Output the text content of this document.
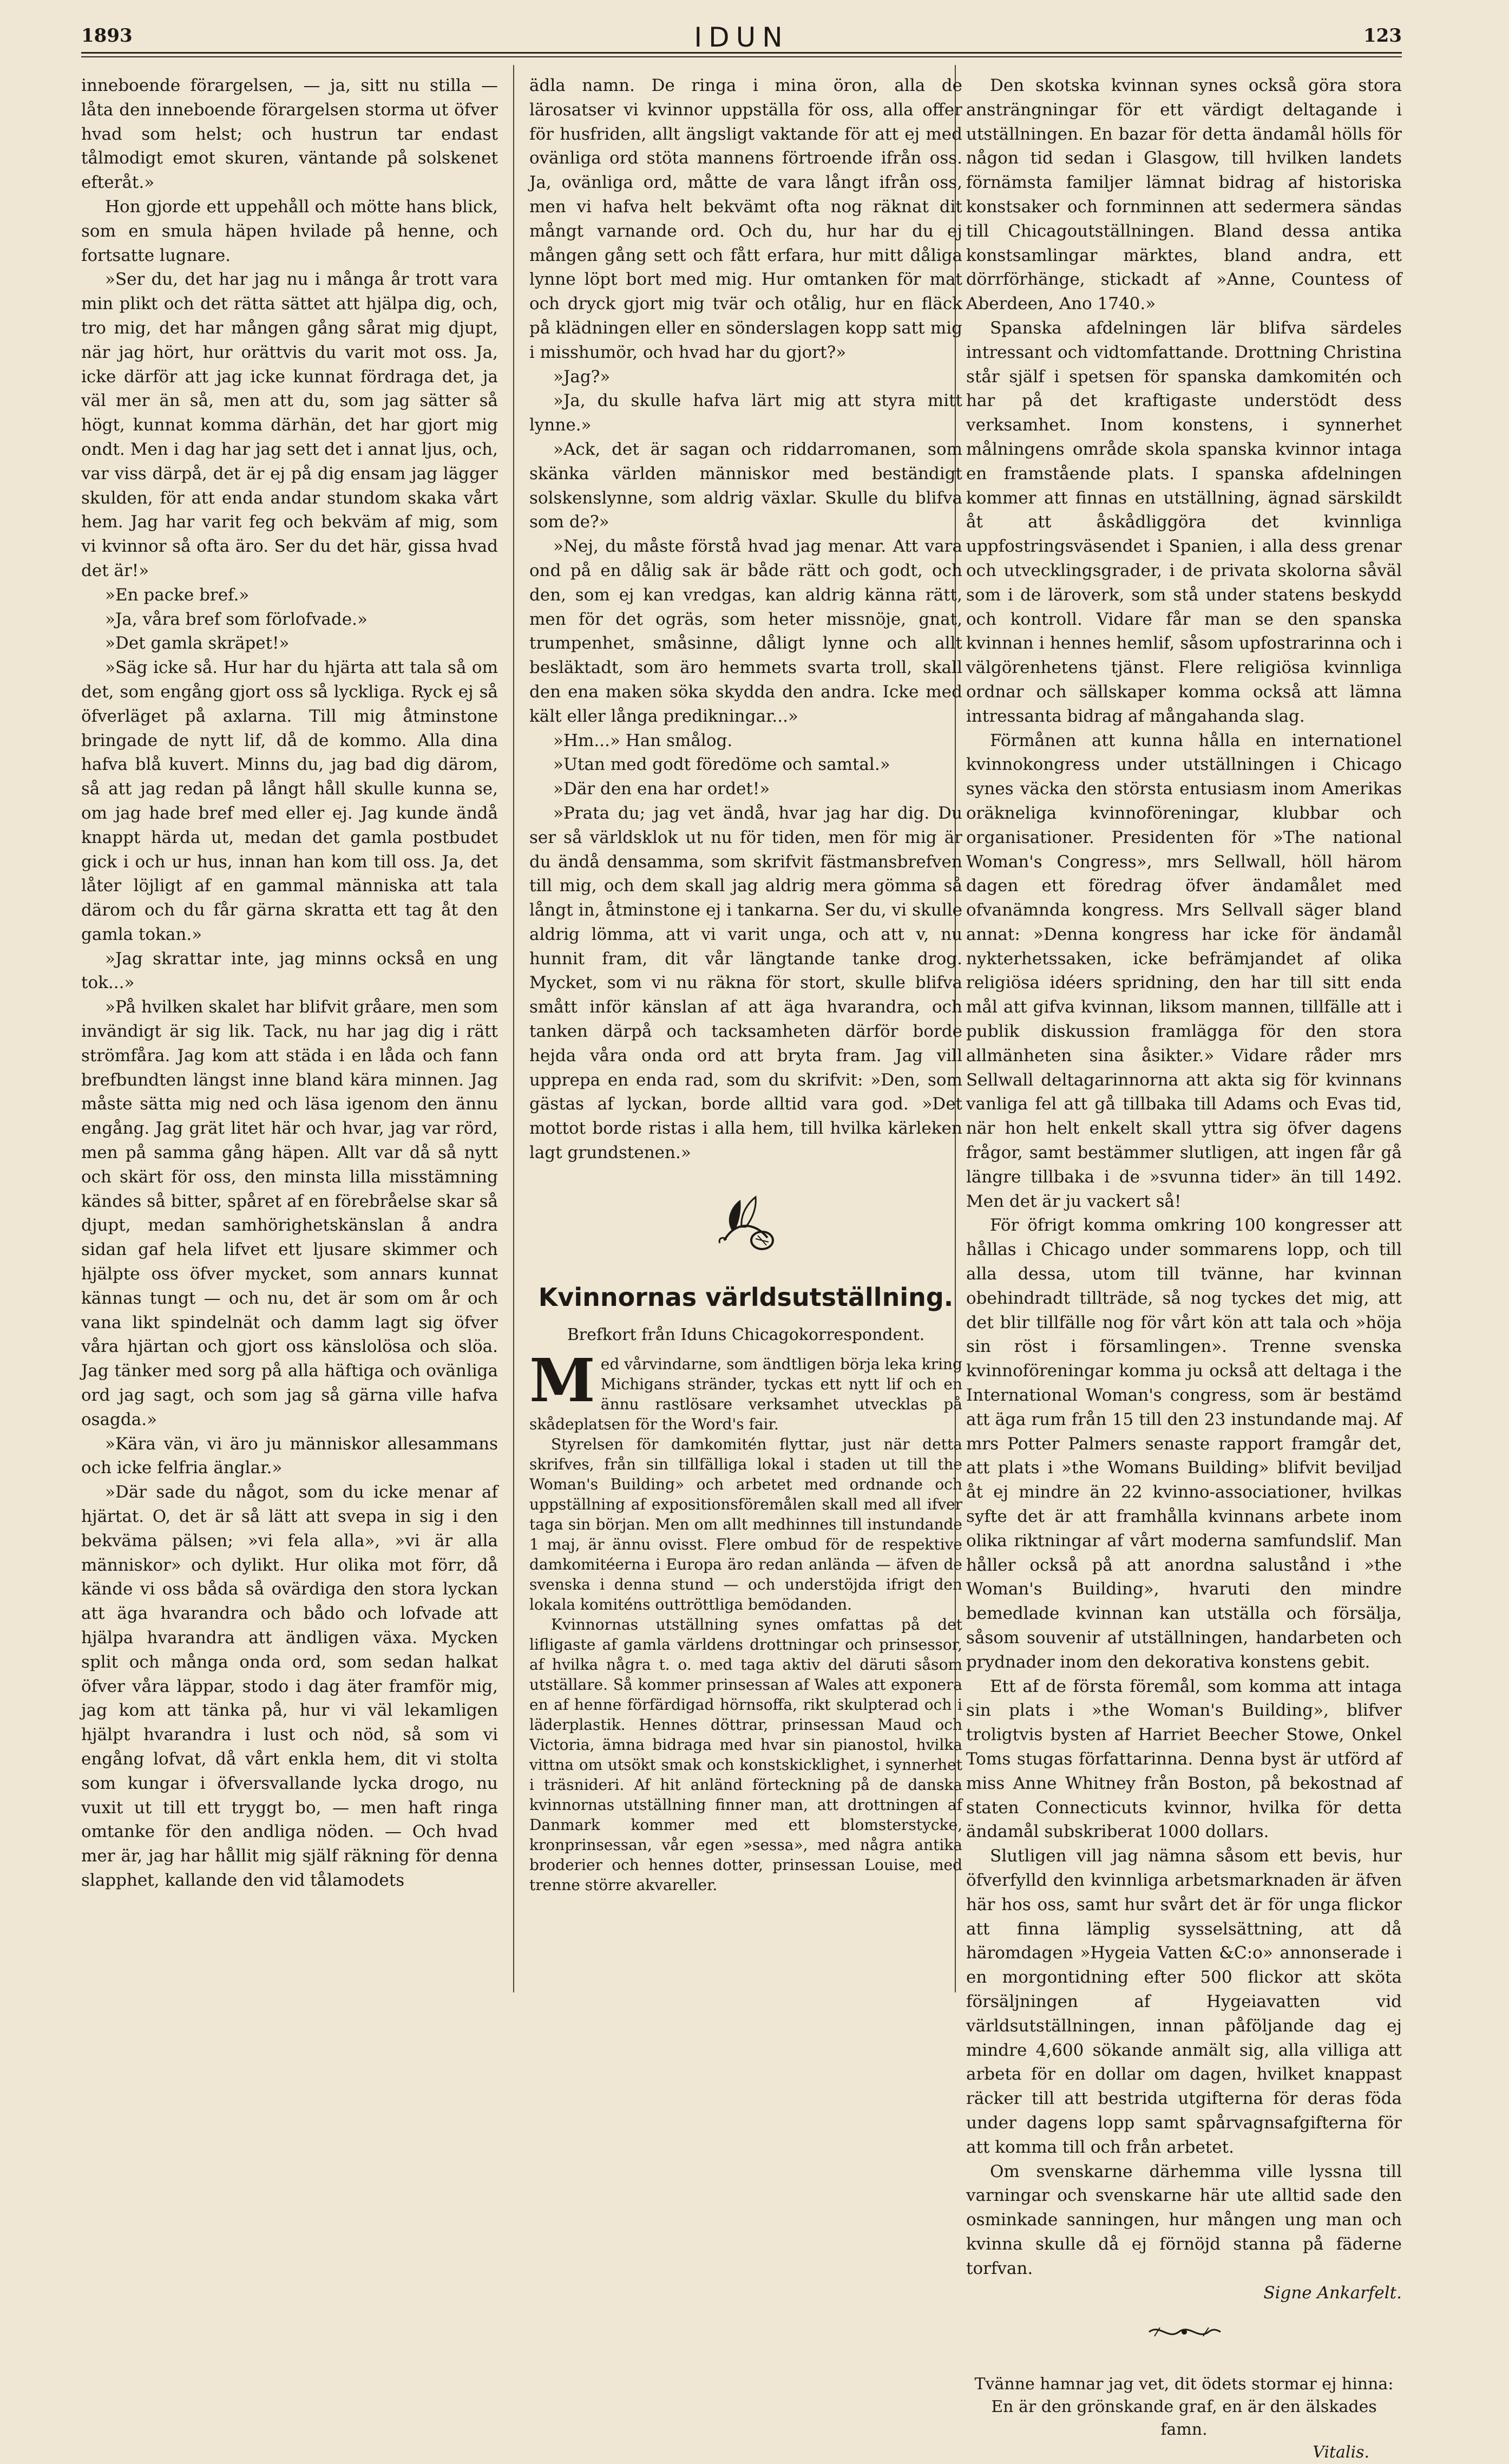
1893	IDUN	123

inneboende förargelsen, — ja, sitt nu stilla — låta den inneboende förargelsen storma ut öfver hvad som helst; och hustrun tar endast tålmodigt emot skuren, väntande på solskenet efteråt.»

Hon gjorde ett uppehåll och mötte hans blick, som en smula häpen hvilade på henne, och fortsatte lugnare.

»Ser du, det har jag nu i många år trott vara min plikt och det rätta sättet att hjälpa dig, och, tro mig, det har mången gång sårat mig djupt, när jag hört, hur orättvis du varit mot oss. Ja, icke därför att jag icke kunnat fördraga det, ja väl mer än så, men att du, som jag sätter så högt, kunnat komma därhän, det har gjort mig ondt. Men i dag har jag sett det i annat ljus, och, var viss därpå, det är ej på dig ensam jag lägger skulden, för att enda andar stundom skaka vårt hem. Jag har varit feg och bekväm af mig, som vi kvinnor så ofta äro. Ser du det här, gissa hvad det är!»

»En packe bref.»

»Ja, våra bref som förlofvade.»

»Det gamla skräpet!»

»Säg icke så. Hur har du hjärta att tala så om det, som engång gjort oss så lyckliga. Ryck ej så öfverläget på axlarna. Till mig åtminstone bringade de nytt lif, då de kommo. Alla dina hafva blå kuvert. Minns du, jag bad dig därom, så att jag redan på långt håll skulle kunna se, om jag hade bref med eller ej. Jag kunde ändå knappt härda ut, medan det gamla postbudet gick i och ur hus, innan han kom till oss. Ja, det låter löjligt af en gammal människa att tala därom och du får gärna skratta ett tag åt den gamla tokan.»

»Jag skrattar inte, jag minns också en ung tok...»

»På hvilken skalet har blifvit gråare, men som invändigt är sig lik. Tack, nu har jag dig i rätt strömfåra. Jag kom att städa i en låda och fann brefbundten längst inne bland kära minnen. Jag måste sätta mig ned och läsa igenom den ännu engång. Jag grät litet här och hvar, jag var rörd, men på samma gång häpen. Allt var då så nytt och skärt för oss, den minsta lilla misstämning kändes så bitter, spåret af en förebråelse skar så djupt, medan samhörighetskänslan å andra sidan gaf hela lifvet ett ljusare skimmer och hjälpte oss öfver mycket, som annars kunnat kännas tungt — och nu, det är som om år och vana likt spindelnät och damm lagt sig öfver våra hjärtan och gjort oss känslolösa och slöa. Jag tänker med sorg på alla häftiga och ovänliga ord jag sagt, och som jag så gärna ville hafva osagda.»

»Kära vän, vi äro ju människor allesammans och icke felfria änglar.»

»Där sade du något, som du icke menar af hjärtat. O, det är så lätt att svepa in sig i den bekväma pälsen; »vi fela alla», »vi är alla människor» och dylikt. Hur olika mot förr, då kände vi oss båda så ovärdiga den stora lyckan att äga hvarandra och bådo och lofvade att hjälpa hvarandra att ändligen växa. Mycken split och många onda ord, som sedan halkat öfver våra läppar, stodo i dag äter framför mig, jag kom att tänka på, hur vi väl lekamligen hjälpt hvarandra i lust och nöd, så som vi engång lofvat, då vårt enkla hem, dit vi stolta som kungar i öfversvallande lycka drogo, nu vuxit ut till ett tryggt bo, — men haft ringa omtanke för den andliga nöden. — Och hvad mer är, jag har hållit mig själf räkning för denna slapphet, kallande den vid tålamodets

ädla namn. De ringa i mina öron, alla de lärosatser vi kvinnor uppställa för oss, alla offer för husfriden, allt ängsligt vaktande för att ej med ovänliga ord stöta mannens förtroende ifrån oss. Ja, ovänliga ord, måtte de vara långt ifrån oss, men vi hafva helt bekvämt ofta nog räknat dit mångt varnande ord. Och du, hur har du ej mången gång sett och fått erfara, hur mitt dåliga lynne löpt bort med mig. Hur omtanken för mat och dryck gjort mig tvär och otålig, hur en fläck på klädningen eller en sönderslagen kopp satt mig i misshumör, och hvad har du gjort?»

»Jag?»

»Ja, du skulle hafva lärt mig att styra mitt lynne.»

»Ack, det är sagan och riddarromanen, som skänka världen människor med beständigt solskenslynne, som aldrig växlar. Skulle du blifva som de?»

»Nej, du måste förstå hvad jag menar. Att vara ond på en dålig sak är både rätt och godt, och den, som ej kan vredgas, kan aldrig känna rätt, men för det ogräs, som heter missnöje, gnat, trumpenhet, småsinne, dåligt lynne och allt besläktadt, som äro hemmets svarta troll, skall den ena maken söka skydda den andra. Icke med kält eller långa predikningar...»

»Hm...» Han smålog.

»Utan med godt föredöme och samtal.»

»Där den ena har ordet!»

»Prata du; jag vet ändå, hvar jag har dig. Du ser så världsklok ut nu för tiden, men för mig är du ändå densamma, som skrifvit fästmansbrefven till mig, och dem skall jag aldrig mera gömma så långt in, åtminstone ej i tankarna. Ser du, vi skulle aldrig lömma, att vi varit unga, och att v, nu hunnit fram, dit vår längtande tanke drog. Mycket, som vi nu räkna för stort, skulle blifva smått inför känslan af att äga hvarandra, och tanken därpå och tacksamheten därför borde hejda våra onda ord att bryta fram. Jag vill upprepa en enda rad, som du skrifvit: »Den, som gästas af lyckan, borde alltid vara god. »Det mottot borde ristas i alla hem, till hvilka kärleken lagt grundstenen.»

Kvinnornas världsutställning.
Brefkort från Iduns Chicagokorrespondent.

Med vårvindarne, som ändtligen börja leka kring Michigans stränder, tyckas ett nytt lif och en ännu rastlösare verksamhet utvecklas på skådeplatsen för the Word's fair.

Styrelsen för damkomitén flyttar, just när detta skrifves, från sin tillfälliga lokal i staden ut till the Woman's Building» och arbetet med ordnande och uppställning af expositionsföremålen skall med all ifver taga sin början. Men om allt medhinnes till instundande 1 maj, är ännu ovisst. Flere ombud för de respektive damkomitéerna i Europa äro redan anlända — äfven de svenska i denna stund — och understöjda ifrigt den lokala komiténs outtröttliga bemödanden.

Kvinnornas utställning synes omfattas på det lifligaste af gamla världens drottningar och prinsessor, af hvilka några t. o. med taga aktiv del däruti såsom utställare. Så kommer prinsessan af Wales att exponera en af henne förfärdigad hörnsoffa, rikt skulpterad och i läderplastik. Hennes döttrar, prinsessan Maud och Victoria, ämna bidraga med hvar sin pianostol, hvilka vittna om utsökt smak och konstskicklighet, i synnerhet i träsnideri. Af hit anländ förteckning på de danska kvinnornas utställning finner man, att drottningen af Danmark kommer med ett blomsterstycke, kronprinsessan, vår egen »sessa», med några antika broderier och hennes dotter, prinsessan Louise, med trenne större akvareller.

Den skotska kvinnan synes också göra stora ansträngningar för ett värdigt deltagande i utställningen. En bazar för detta ändamål hölls för någon tid sedan i Glasgow, till hvilken landets förnämsta familjer lämnat bidrag af historiska konstsaker och fornminnen att sedermera sändas till Chicagoutställningen. Bland dessa antika konstsamlingar märktes, bland andra, ett dörrförhänge, stickadt af »Anne, Countess of Aberdeen, Ano 1740.»

Spanska afdelningen lär blifva särdeles intressant och vidtomfattande. Drottning Christina står själf i spetsen för spanska damkomitén och har på det kraftigaste understödt dess verksamhet. Inom konstens, i synnerhet målningens område skola spanska kvinnor intaga en framstående plats. I spanska afdelningen kommer att finnas en utställning, ägnad särskildt åt att åskådliggöra det kvinnliga uppfostringsväsendet i Spanien, i alla dess grenar och utvecklingsgrader, i de privata skolorna såväl som i de läroverk, som stå under statens beskydd och kontroll. Vidare får man se den spanska kvinnan i hennes hemlif, såsom upfostrarinna och i välgörenhetens tjänst. Flere religiösa kvinnliga ordnar och sällskaper komma också att lämna intressanta bidrag af mångahanda slag.

Förmånen att kunna hålla en internationel kvinnokongress under utställningen i Chicago synes väcka den största entusiasm inom Amerikas oräkneliga kvinnoföreningar, klubbar och organisationer. Presidenten för »The national Woman's Congress», mrs Sellwall, höll härom dagen ett föredrag öfver ändamålet med ofvanämnda kongress. Mrs Sellvall säger bland annat: »Denna kongress har icke för ändamål nykterhetssaken, icke befrämjandet af olika religiösa idéers spridning, den har till sitt enda mål att gifva kvinnan, liksom mannen, tillfälle att i publik diskussion framlägga för den stora allmänheten sina åsikter.» Vidare råder mrs Sellwall deltagarinnorna att akta sig för kvinnans vanliga fel att gå tillbaka till Adams och Evas tid, när hon helt enkelt skall yttra sig öfver dagens frågor, samt bestämmer slutligen, att ingen får gå längre tillbaka i de »svunna tider» än till 1492. Men det är ju vackert så!

För öfrigt komma omkring 100 kongresser att hållas i Chicago under sommarens lopp, och till alla dessa, utom till tvänne, har kvinnan obehindradt tillträde, så nog tyckes det mig, att det blir tillfälle nog för vårt kön att tala och »höja sin röst i församlingen». Trenne svenska kvinnoföreningar komma ju också att deltaga i the International Woman's congress, som är bestämd att äga rum från 15 till den 23 instundande maj. Af mrs Potter Palmers senaste rapport framgår det, att plats i »the Womans Building» blifvit beviljad åt ej mindre än 22 kvinno-associationer, hvilkas syfte det är att framhålla kvinnans arbete inom olika riktningar af vårt moderna samfundslif. Man håller också på att anordna salustånd i »the Woman's Building», hvaruti den mindre bemedlade kvinnan kan utställa och försälja, såsom souvenir af utställningen, handarbeten och prydnader inom den dekorativa konstens gebit.

Ett af de första föremål, som komma att intaga sin plats i »the Woman's Building», blifver troligtvis bysten af Harriet Beecher Stowe, Onkel Toms stugas författarinna. Denna byst är utförd af miss Anne Whitney från Boston, på bekostnad af staten Connecticuts kvinnor, hvilka för detta ändamål subskriberat 1000 dollars.

Slutligen vill jag nämna såsom ett bevis, hur öfverfylld den kvinnliga arbetsmarknaden är äfven här hos oss, samt hur svårt det är för unga flickor att finna lämplig sysselsättning, att då häromdagen »Hygeia Vatten &C:o» annonserade i en morgontidning efter 500 flickor att sköta försäljningen af Hygeiavatten vid världsutställningen, innan påföljande dag ej mindre 4,600 sökande anmält sig, alla villiga att arbeta för en dollar om dagen, hvilket knappast räcker till att bestrida utgifterna för deras föda under dagens lopp samt spårvagnsafgifterna för att komma till och från arbetet.

Om svenskarne därhemma ville lyssna till varningar och svenskarne här ute alltid sade den osminkade sanningen, hur mången ung man och kvinna skulle då ej förnöjd stanna på fäderne torfvan.

Signe Ankarfelt.

Tvänne hamnar jag vet, dit ödets stormar ej hinna:
En är den grönskande graf, en är den älskades famn.
Vitalis.
